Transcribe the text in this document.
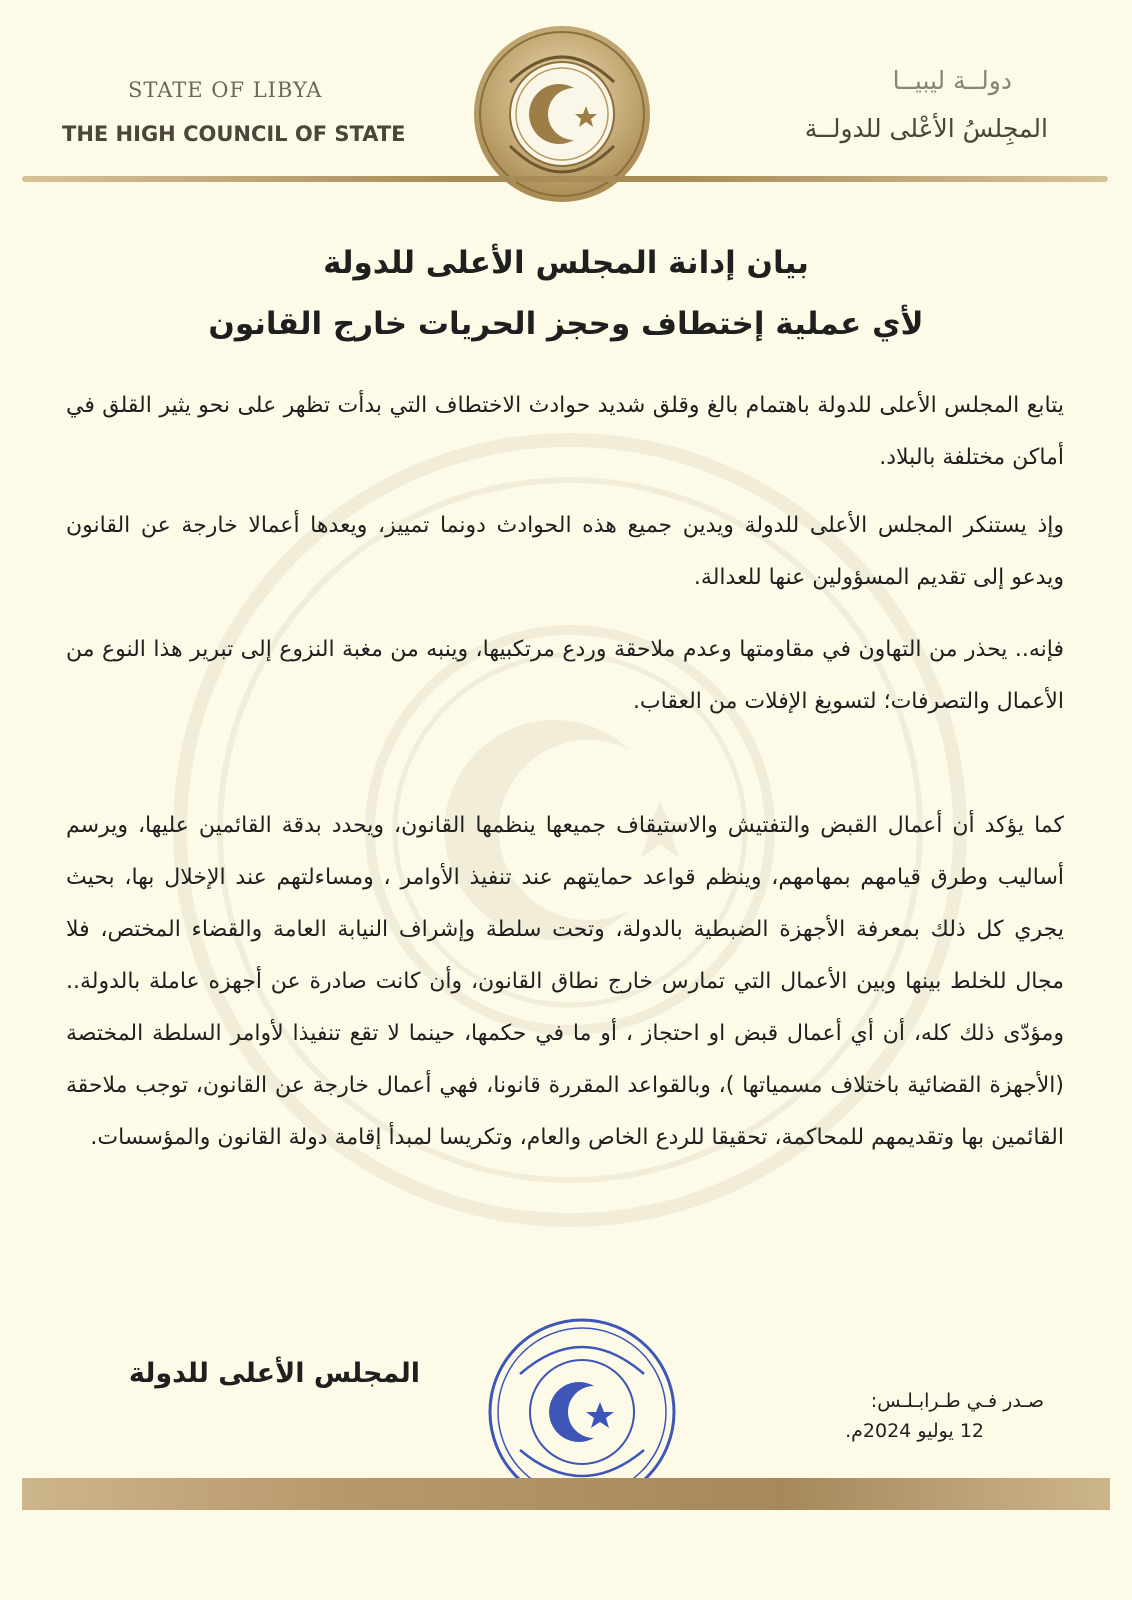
STATE OF LIBYA
THE HIGH COUNCIL OF STATE
دولــة ليبيــا
المجِلسُ الأعْلى للدولــة
بيان إدانة المجلس الأعلى للدولة
لأي عملية إختطاف وحجز الحريات خارج القانون
يتابع المجلس الأعلى للدولة باهتمام بالغ وقلق شديد حوادث الاختطاف التي بدأت تظهر على نحو يثير القلق في أماكن مختلفة بالبلاد.
وإذ يستنكر المجلس الأعلى للدولة ويدين جميع هذه الحوادث دونما تمييز، ويعدها أعمالا خارجة عن القانون ويدعو إلى تقديم المسؤولين عنها للعدالة.
فإنه.. يحذر من التهاون في مقاومتها وعدم ملاحقة وردع مرتكبيها، وينبه من مغبة النزوع إلى تبرير هذا النوع من الأعمال والتصرفات؛ لتسويغ الإفلات من العقاب.
كما يؤكد أن أعمال القبض والتفتيش والاستيقاف جميعها ينظمها القانون، ويحدد بدقة القائمين عليها، ويرسم أساليب وطرق قيامهم بمهامهم، وينظم قواعد حمايتهم عند تنفيذ الأوامر ، ومساءلتهم عند الإخلال بها، بحيث يجري كل ذلك بمعرفة الأجهزة الضبطية بالدولة، وتحت سلطة وإشراف النيابة العامة والقضاء المختص، فلا مجال للخلط بينها وبين الأعمال التي تمارس خارج نطاق القانون، وأن كانت صادرة عن أجهزه عاملة بالدولة.. ومؤدّى ذلك كله، أن أي أعمال قبض او احتجاز ، أو ما في حكمها، حينما لا تقع تنفيذا لأوامر السلطة المختصة (الأجهزة القضائية باختلاف مسمياتها )، وبالقواعد المقررة قانونا، فهي أعمال خارجة عن القانون، توجب ملاحقة القائمين بها وتقديمهم للمحاكمة، تحقيقا للردع الخاص والعام، وتكريسا لمبدأ إقامة دولة القانون والمؤسسات.
المجلس الأعلى للدولة
صـدر فـي طـرابـلـس:
12 يوليو 2024م.
